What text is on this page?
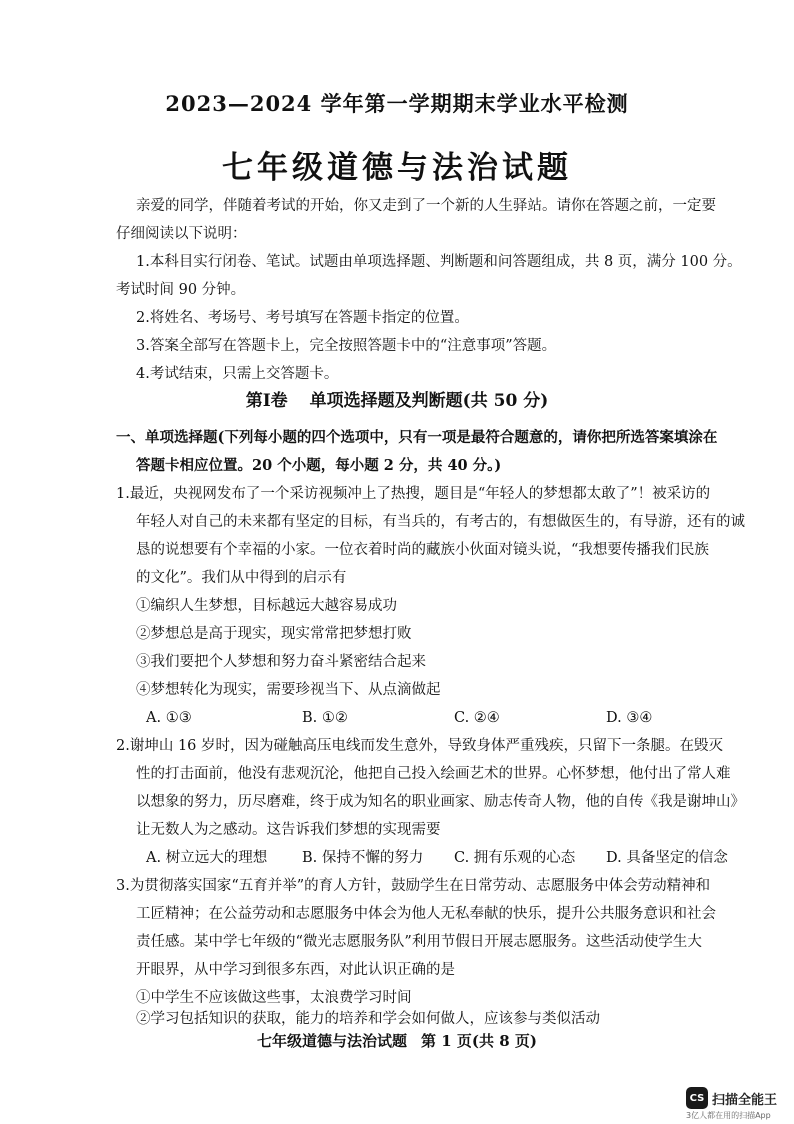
2023—2024 学年第一学期期末学业水平检测
七年级道德与法治试题
亲爱的同学，伴随着考试的开始，你又走到了一个新的人生驿站。请你在答题之前，一定要
仔细阅读以下说明：
1.本科目实行闭卷、笔试。试题由单项选择题、判断题和问答题组成，共 8 页，满分 100 分。
考试时间 90 分钟。
2.将姓名、考场号、考号填写在答题卡指定的位置。
3.答案全部写在答题卡上，完全按照答题卡中的“注意事项”答题。
4.考试结束，只需上交答题卡。
第Ⅰ卷 单项选择题及判断题(共 50 分)
一、单项选择题(下列每小题的四个选项中，只有一项是最符合题意的，请你把所选答案填涂在
答题卡相应位置。20 个小题，每小题 2 分，共 40 分。)
1.最近，央视网发布了一个采访视频冲上了热搜，题目是“年轻人的梦想都太敢了”！被采访的
年轻人对自己的未来都有坚定的目标，有当兵的，有考古的，有想做医生的，有导游，还有的诚
恳的说想要有个幸福的小家。一位衣着时尚的藏族小伙面对镜头说，“我想要传播我们民族
的文化”。我们从中得到的启示有
①编织人生梦想，目标越远大越容易成功
②梦想总是高于现实，现实常常把梦想打败
③我们要把个人梦想和努力奋斗紧密结合起来
④梦想转化为现实，需要珍视当下、从点滴做起
A. ①③	B. ①②	C. ②④	D. ③④
2.谢坤山 16 岁时，因为碰触高压电线而发生意外，导致身体严重残疾，只留下一条腿。在毁灭
性的打击面前，他没有悲观沉沦，他把自己投入绘画艺术的世界。心怀梦想，他付出了常人难
以想象的努力，历尽磨难，终于成为知名的职业画家、励志传奇人物，他的自传《我是谢坤山》
让无数人为之感动。这告诉我们梦想的实现需要
A. 树立远大的理想 B. 保持不懈的努力 C. 拥有乐观的心态 D. 具备坚定的信念
3.为贯彻落实国家“五育并举”的育人方针，鼓励学生在日常劳动、志愿服务中体会劳动精神和
工匠精神；在公益劳动和志愿服务中体会为他人无私奉献的快乐，提升公共服务意识和社会
责任感。某中学七年级的“微光志愿服务队”利用节假日开展志愿服务。这些活动使学生大
开眼界，从中学习到很多东西，对此认识正确的是
①中学生不应该做这些事，太浪费学习时间
②学习包括知识的获取，能力的培养和学会如何做人，应该参与类似活动
七年级道德与法治试题 第 1 页(共 8 页)
CS 扫描全能王
3亿人都在用的扫描App
